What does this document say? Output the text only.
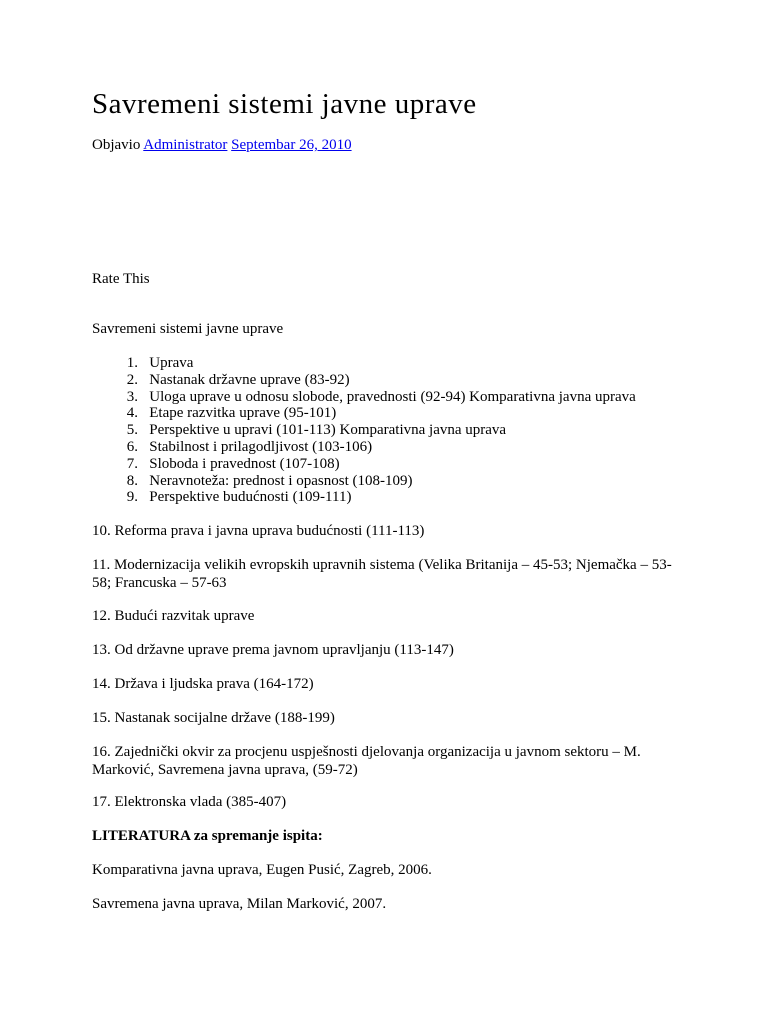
Savremeni sistemi javne uprave
Objavio Administrator Septembar 26, 2010
Rate This
Savremeni sistemi javne uprave
1. Uprava
2. Nastanak državne uprave (83-92)
3. Uloga uprave u odnosu slobode, pravednosti (92-94) Komparativna javna uprava
4. Etape razvitka uprave (95-101)
5. Perspektive u upravi (101-113) Komparativna javna uprava
6. Stabilnost i prilagodljivost (103-106)
7. Sloboda i pravednost (107-108)
8. Neravnoteža: prednost i opasnost (108-109)
9. Perspektive budućnosti (109-111)

10. Reforma prava i javna uprava budućnosti (111-113)

11. Modernizacija velikih evropskih upravnih sistema (Velika Britanija – 45-53; Njemačka – 53-58; Francuska – 57-63

12. Budući razvitak uprave

13. Od državne uprave prema javnom upravljanju (113-147)

14. Država i ljudska prava (164-172)

15. Nastanak socijalne države (188-199)

16. Zajednički okvir za procjenu uspješnosti djelovanja organizacija u javnom sektoru – M. Marković, Savremena javna uprava, (59-72)

17. Elektronska vlada (385-407)

LITERATURA za spremanje ispita:

Komparativna javna uprava, Eugen Pusić, Zagreb, 2006.

Savremena javna uprava, Milan Marković, 2007.
